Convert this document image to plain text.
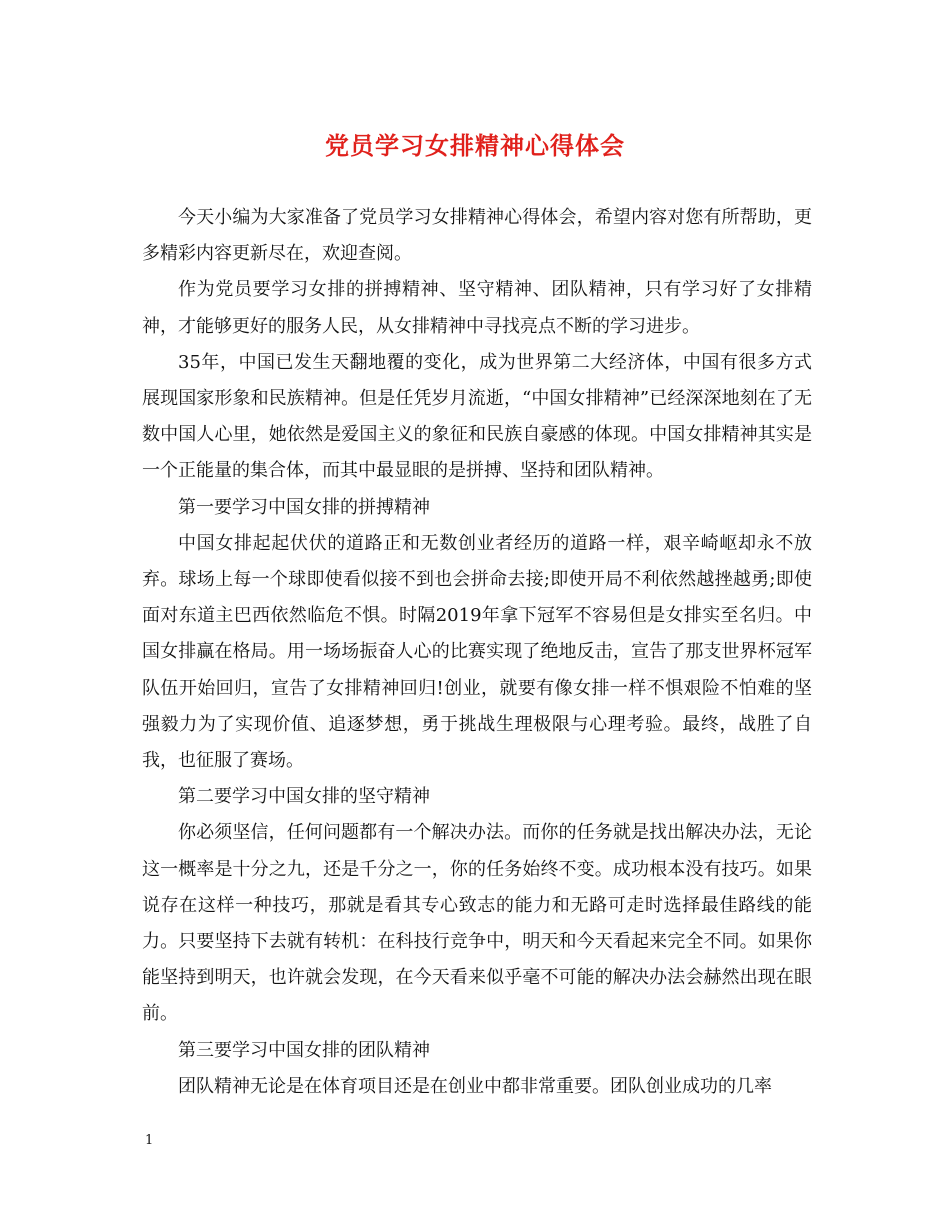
党员学习女排精神心得体会

今天小编为大家准备了党员学习女排精神心得体会，希望内容对您有所帮助，更多精彩内容更新尽在，欢迎查阅。

作为党员要学习女排的拼搏精神、坚守精神、团队精神，只有学习好了女排精神，才能够更好的服务人民，从女排精神中寻找亮点不断的学习进步。

35年，中国已发生天翻地覆的变化，成为世界第二大经济体，中国有很多方式展现国家形象和民族精神。但是任凭岁月流逝，“中国女排精神”已经深深地刻在了无数中国人心里，她依然是爱国主义的象征和民族自豪感的体现。中国女排精神其实是一个正能量的集合体，而其中最显眼的是拼搏、坚持和团队精神。

第一要学习中国女排的拼搏精神

中国女排起起伏伏的道路正和无数创业者经历的道路一样，艰辛崎岖却永不放弃。球场上每一个球即使看似接不到也会拼命去接;即使开局不利依然越挫越勇;即使面对东道主巴西依然临危不惧。时隔2019年拿下冠军不容易但是女排实至名归。中国女排赢在格局。用一场场振奋人心的比赛实现了绝地反击，宣告了那支世界杯冠军队伍开始回归，宣告了女排精神回归!创业，就要有像女排一样不惧艰险不怕难的坚强毅力为了实现价值、追逐梦想，勇于挑战生理极限与心理考验。最终，战胜了自我，也征服了赛场。

第二要学习中国女排的坚守精神

你必须坚信，任何问题都有一个解决办法。而你的任务就是找出解决办法，无论这一概率是十分之九，还是千分之一，你的任务始终不变。成功根本没有技巧。如果说存在这样一种技巧，那就是看其专心致志的能力和无路可走时选择最佳路线的能力。只要坚持下去就有转机：在科技行竞争中，明天和今天看起来完全不同。如果你能坚持到明天，也许就会发现，在今天看来似乎毫不可能的解决办法会赫然出现在眼前。

第三要学习中国女排的团队精神

团队精神无论是在体育项目还是在创业中都非常重要。团队创业成功的几率

1
